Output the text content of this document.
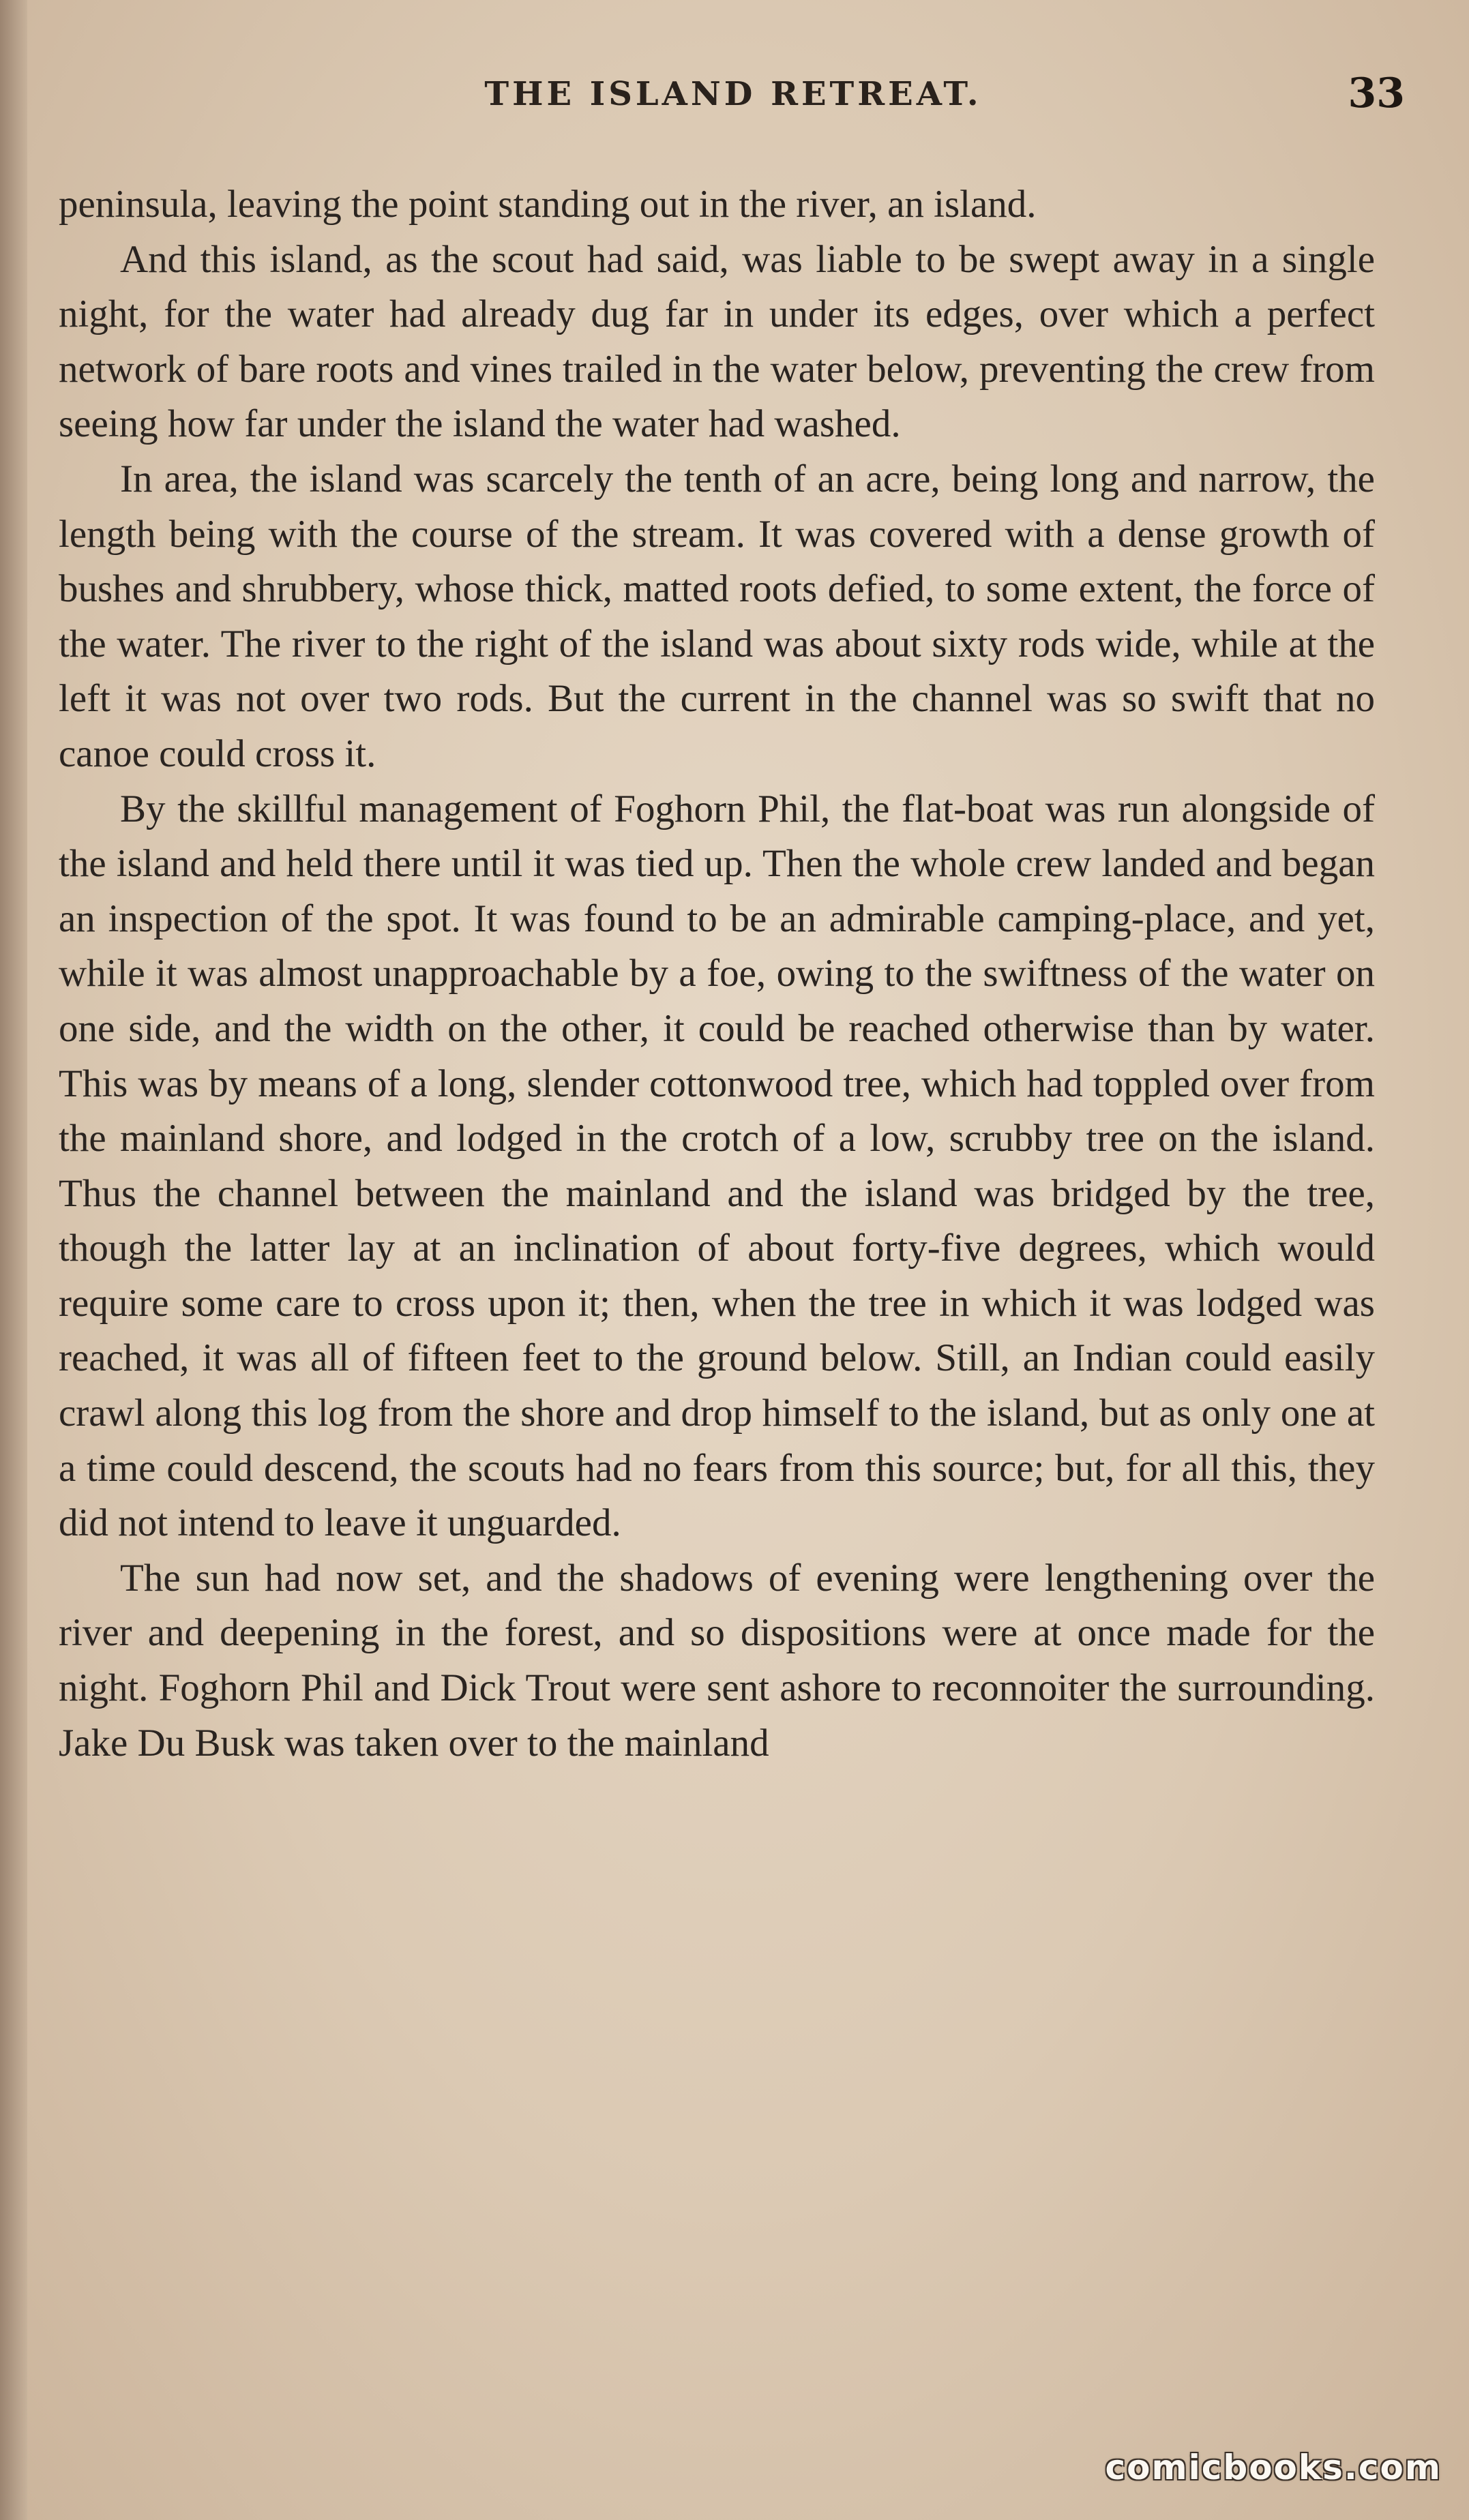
THE ISLAND RETREAT.	33

peninsula, leaving the point standing out in the river, an island.

And this island, as the scout had said, was liable to be swept away in a single night, for the water had already dug far in under its edges, over which a perfect network of bare roots and vines trailed in the water below, preventing the crew from seeing how far under the island the water had washed.

In area, the island was scarcely the tenth of an acre, being long and narrow, the length being with the course of the stream. It was covered with a dense growth of bushes and shrubbery, whose thick, matted roots defied, to some extent, the force of the water. The river to the right of the island was about sixty rods wide, while at the left it was not over two rods. But the current in the channel was so swift that no canoe could cross it.

By the skillful management of Foghorn Phil, the flat-boat was run alongside of the island and held there until it was tied up. Then the whole crew landed and began an inspection of the spot. It was found to be an admirable camping-place, and yet, while it was almost unapproachable by a foe, owing to the swiftness of the water on one side, and the width on the other, it could be reached otherwise than by water. This was by means of a long, slender cottonwood tree, which had toppled over from the mainland shore, and lodged in the crotch of a low, scrubby tree on the island. Thus the channel between the mainland and the island was bridged by the tree, though the latter lay at an inclination of about forty-five degrees, which would require some care to cross upon it; then, when the tree in which it was lodged was reached, it was all of fifteen feet to the ground below. Still, an Indian could easily crawl along this log from the shore and drop himself to the island, but as only one at a time could descend, the scouts had no fears from this source; but, for all this, they did not intend to leave it unguarded.

The sun had now set, and the shadows of evening were lengthening over the river and deepening in the forest, and so dispositions were at once made for the night. Foghorn Phil and Dick Trout were sent ashore to reconnoiter the surrounding. Jake Du Busk was taken over to the mainland

comicbooks.com
